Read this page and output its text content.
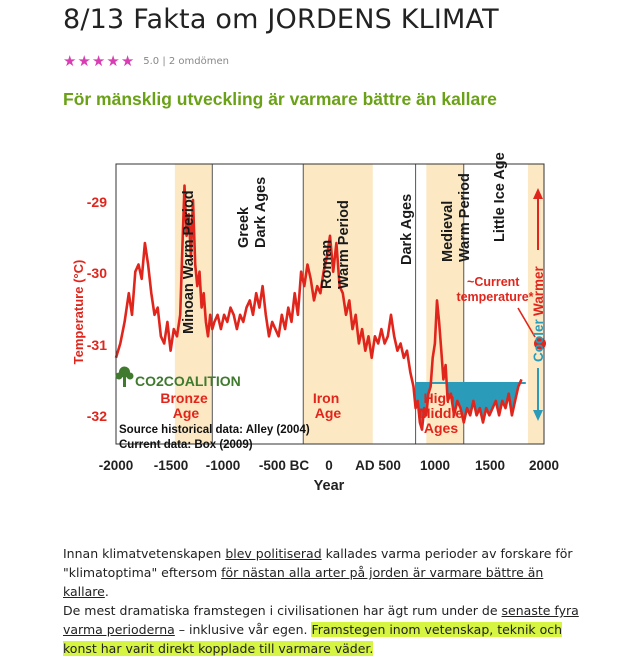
8/13 Fakta om JORDENS KLIMAT
★ ★ ★ ★ ★ 5.0 | 2 omdömen
För mänsklig utveckling är varmare bättre än kallare
-29
-30
-31
-32
Temperature (°C)
-2000 -1500 -1000 -500 BC 0 AD 500 1000 1500 2000
Year
Minoan Warm Period	GreekDark Ages
RomanWarm Period	Dark Ages MedievalWarm Period Little Ice Age
Bronze Age
Iron Age
High Middle Ages
CO2COALITION
Source historical data: Alley (2004)
Current data: Box (2009)
~Current temperature*
Warmer
Cooler
Innan klimatvetenskapen blev politiserad kallades varma perioder av forskare för "klimatoptima" eftersom för nästan alla arter på jorden är varmare bättre än kallare.
De mest dramatiska framstegen i civilisationen har ägt rum under de senaste fyra varma perioderna – inklusive vår egen. Framstegen inom vetenskap, teknik och konst har varit direkt kopplade till varmare väder.
